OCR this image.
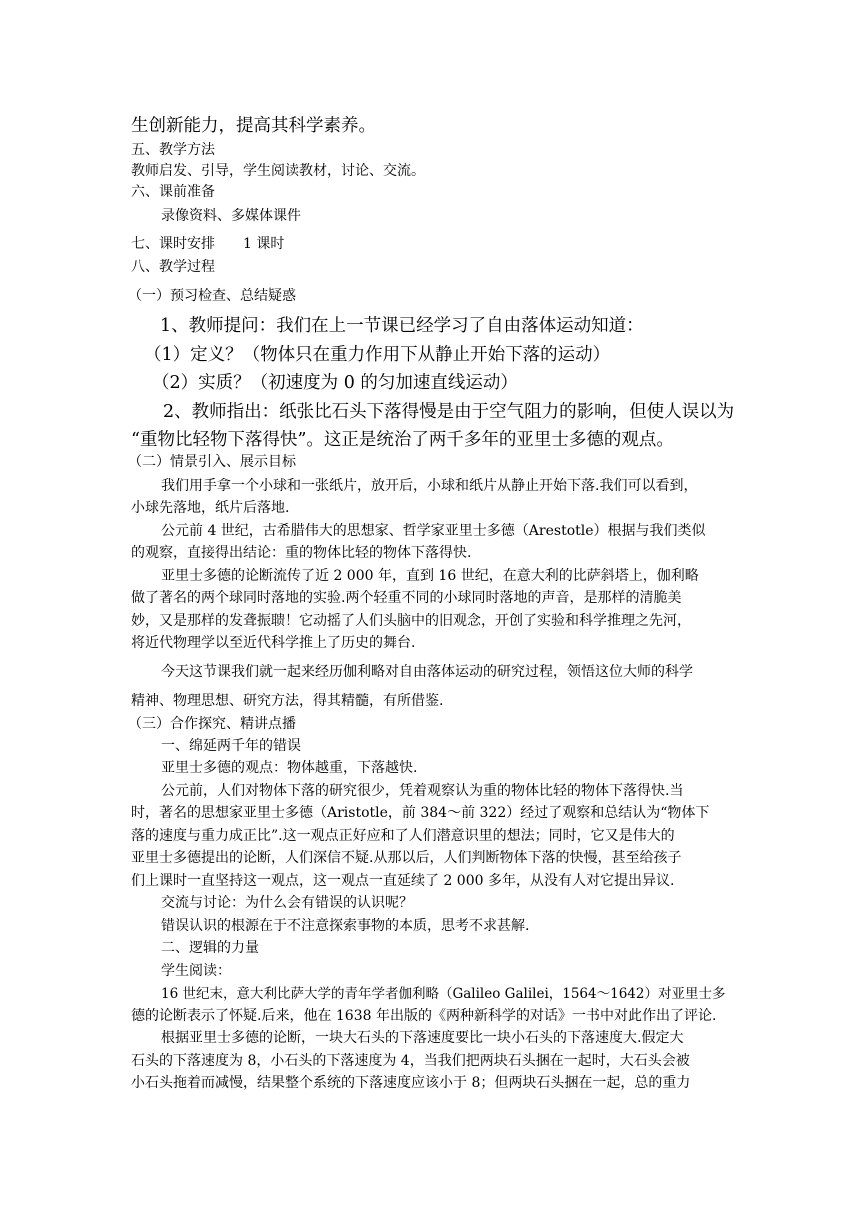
生创新能力，提高其科学素养。

五、教学方法

教师启发、引导，学生阅读教材，讨论、交流。

六、课前准备

录像资料、多媒体课件

七、课时安排　　1 课时

八、教学过程

（一）预习检查、总结疑惑

1、教师提问：我们在上一节课已经学习了自由落体运动知道：

（1）定义？（物体只在重力作用下从静止开始下落的运动）

（2）实质？（初速度为 0 的匀加速直线运动）

2、教师指出：纸张比石头下落得慢是由于空气阻力的影响，但使人误以为

“重物比轻物下落得快”。这正是统治了两千多年的亚里士多德的观点。

（二）情景引入、展示目标

我们用手拿一个小球和一张纸片，放开后，小球和纸片从静止开始下落.我们可以看到，

小球先落地，纸片后落地.

公元前 4 世纪，古希腊伟大的思想家、哲学家亚里士多德（Arestotle）根据与我们类似

的观察，直接得出结论：重的物体比轻的物体下落得快.

亚里士多德的论断流传了近 2 000 年，直到 16 世纪，在意大利的比萨斜塔上，伽利略

做了著名的两个球同时落地的实验.两个轻重不同的小球同时落地的声音，是那样的清脆美

妙，又是那样的发聋振聩！它动摇了人们头脑中的旧观念，开创了实验和科学推理之先河，

将近代物理学以至近代科学推上了历史的舞台.

今天这节课我们就一起来经历伽利略对自由落体运动的研究过程，领悟这位大师的科学

精神、物理思想、研究方法，得其精髓，有所借鉴.

（三）合作探究、精讲点播

一、绵延两千年的错误

亚里士多德的观点：物体越重，下落越快.

公元前，人们对物体下落的研究很少，凭着观察认为重的物体比轻的物体下落得快.当

时，著名的思想家亚里士多德（Aristotle，前 384～前 322）经过了观察和总结认为“物体下

落的速度与重力成正比”.这一观点正好应和了人们潜意识里的想法；同时，它又是伟大的

亚里士多德提出的论断，人们深信不疑.从那以后，人们判断物体下落的快慢，甚至给孩子

们上课时一直坚持这一观点，这一观点一直延续了 2 000 多年，从没有人对它提出异议.

交流与讨论：为什么会有错误的认识呢？

错误认识的根源在于不注意探索事物的本质，思考不求甚解.

二、逻辑的力量

学生阅读：

16 世纪末，意大利比萨大学的青年学者伽利略（Galileo Galilei，1564～1642）对亚里士多

德的论断表示了怀疑.后来，他在 1638 年出版的《两种新科学的对话》一书中对此作出了评论.

根据亚里士多德的论断，一块大石头的下落速度要比一块小石头的下落速度大.假定大

石头的下落速度为 8，小石头的下落速度为 4，当我们把两块石头捆在一起时，大石头会被

小石头拖着而减慢，结果整个系统的下落速度应该小于 8；但两块石头捆在一起，总的重力
